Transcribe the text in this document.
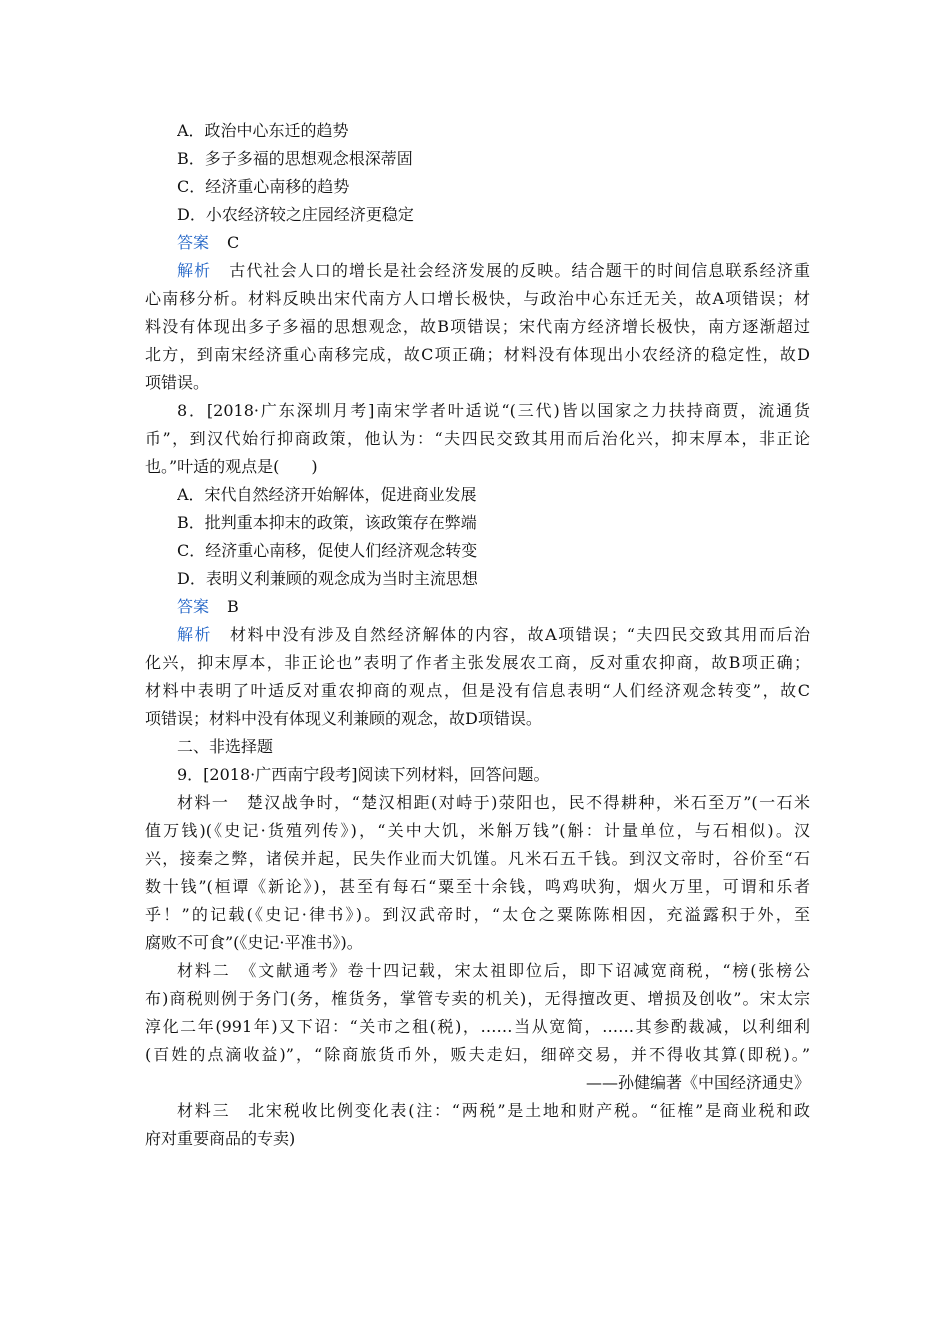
A．政治中心东迁的趋势
B．多子多福的思想观念根深蒂固
C．经济重心南移的趋势
D．小农经济较之庄园经济更稳定
答案 C
解析 古代社会人口的增长是社会经济发展的反映。结合题干的时间信息联系经济重
心南移分析。材料反映出宋代南方人口增长极快，与政治中心东迁无关，故A项错误；材
料没有体现出多子多福的思想观念，故B项错误；宋代南方经济增长极快，南方逐渐超过
北方，到南宋经济重心南移完成，故C项正确；材料没有体现出小农经济的稳定性，故D
项错误。
8．[2018·广东深圳月考]南宋学者叶适说“(三代)皆以国家之力扶持商贾，流通货
币”，到汉代始行抑商政策，他认为：“夫四民交致其用而后治化兴，抑末厚本，非正论
也。”叶适的观点是(　　)
A．宋代自然经济开始解体，促进商业发展
B．批判重本抑末的政策，该政策存在弊端
C．经济重心南移，促使人们经济观念转变
D．表明义利兼顾的观念成为当时主流思想
答案 B
解析 材料中没有涉及自然经济解体的内容，故A项错误；“夫四民交致其用而后治
化兴，抑末厚本，非正论也”表明了作者主张发展农工商，反对重农抑商，故B项正确；
材料中表明了叶适反对重农抑商的观点，但是没有信息表明“人们经济观念转变”，故C
项错误；材料中没有体现义利兼顾的观念，故D项错误。
二、非选择题
9．[2018·广西南宁段考]阅读下列材料，回答问题。
材料一　楚汉战争时，“楚汉相距(对峙于)荥阳也，民不得耕种，米石至万”(一石米
值万钱)(《史记·货殖列传》)，“关中大饥，米斛万钱”(斛：计量单位，与石相似)。汉
兴，接秦之弊，诸侯并起，民失作业而大饥馑。凡米石五千钱。到汉文帝时，谷价至“石
数十钱”(桓谭《新论》)，甚至有每石“粟至十余钱，鸣鸡吠狗，烟火万里，可谓和乐者
乎！”的记载(《史记·律书》)。到汉武帝时，“太仓之粟陈陈相因，充溢露积于外，至
腐败不可食”(《史记·平准书》)。
材料二　《文献通考》卷十四记载，宋太祖即位后，即下诏减宽商税，“榜(张榜公
布)商税则例于务门(务，榷货务，掌管专卖的机关)，无得擅改更、增损及创收”。宋太宗
淳化二年(991年)又下诏：“关市之租(税)，……当从宽简，……其参酌裁减，以利细利
(百姓的点滴收益)”，“除商旅货币外，贩夫走妇，细碎交易，并不得收其算(即税)。”
——孙健编著《中国经济通史》
材料三　北宋税收比例变化表(注：“两税”是土地和财产税。“征榷”是商业税和政
府对重要商品的专卖)
